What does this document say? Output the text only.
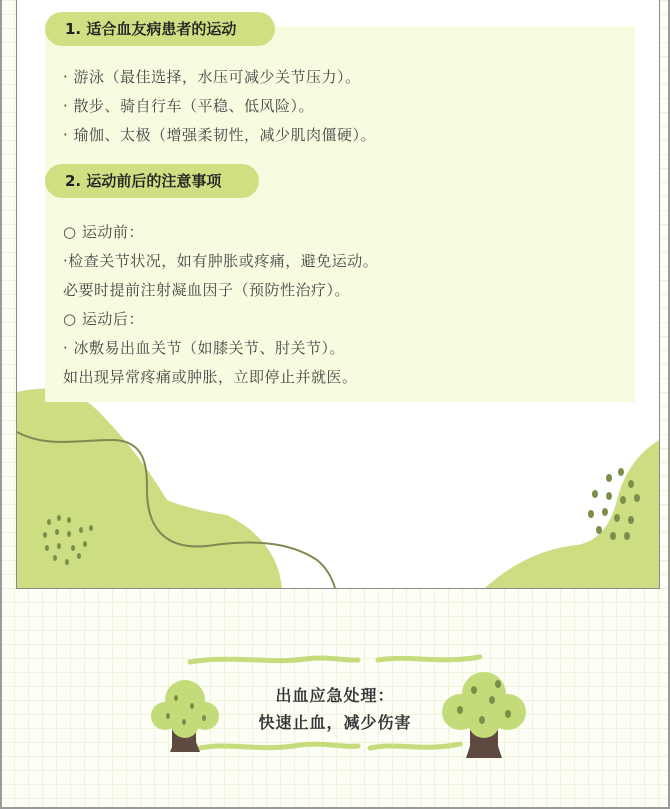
1. 适合血友病患者的运动
· 游泳（最佳选择，水压可减少关节压力）。
· 散步、骑自行车（平稳、低风险）。
· 瑜伽、太极（增强柔韧性，减少肌肉僵硬）。
2. 运动前后的注意事项
○ 运动前：
·检查关节状况，如有肿胀或疼痛，避免运动。
必要时提前注射凝血因子（预防性治疗）。
○ 运动后：
· 冰敷易出血关节（如膝关节、肘关节）。
如出现异常疼痛或肿胀，立即停止并就医。
出血应急处理：
快速止血，减少伤害
